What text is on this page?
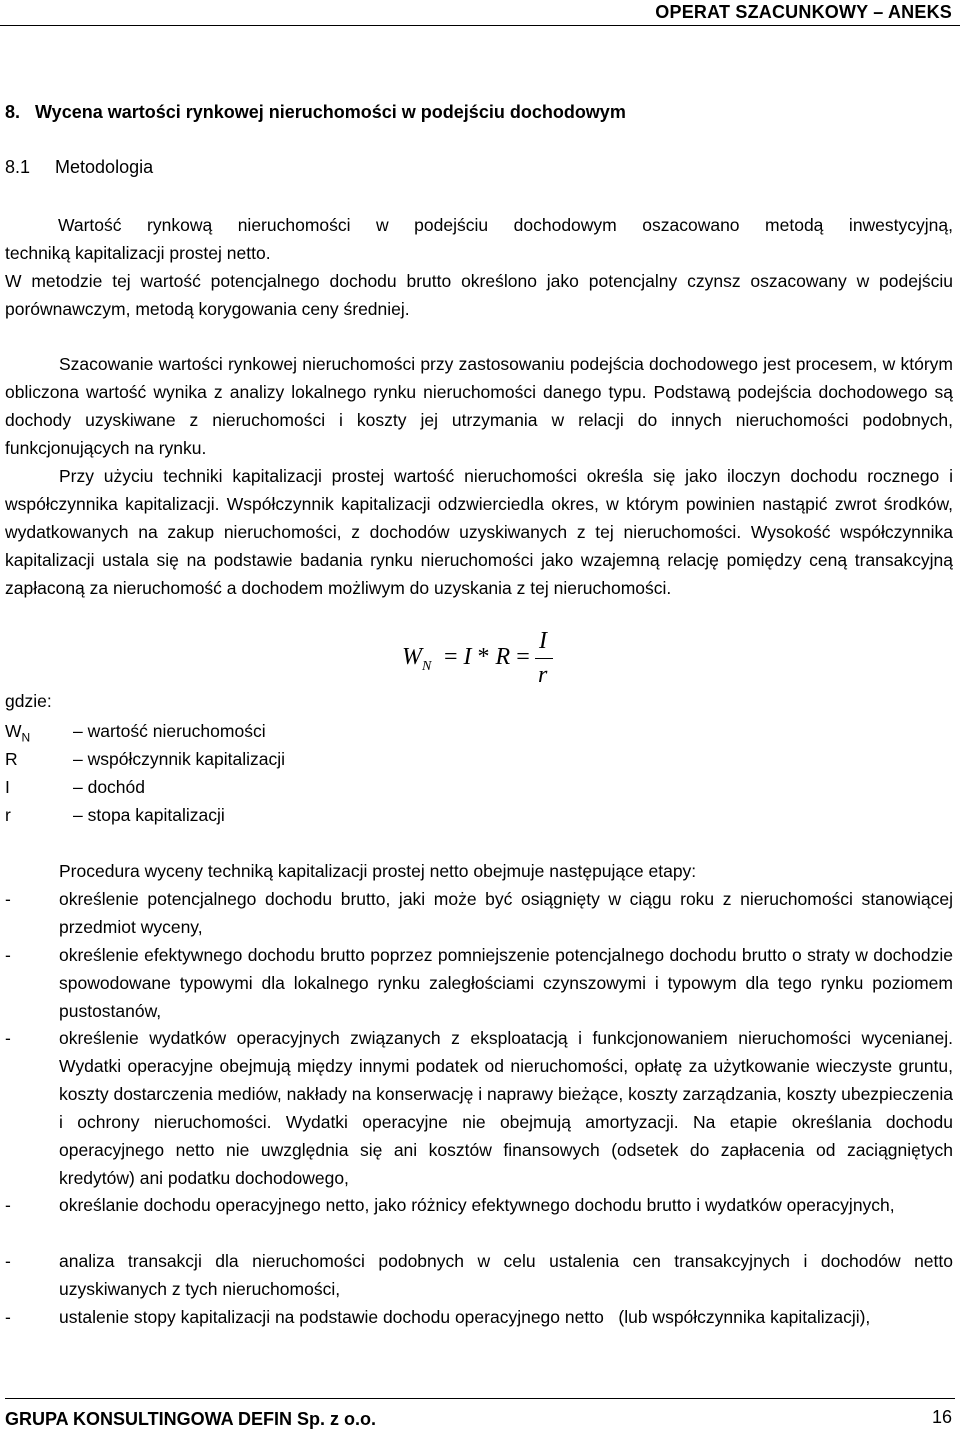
OPERAT SZACUNKOWY – ANEKS
8.   Wycena wartości rynkowej nieruchomości w podejściu dochodowym
8.1     Metodologia
Wartość rynkową nieruchomości w podejściu dochodowym oszacowano metodą inwestycyjną,
techniką kapitalizacji prostej netto.
W metodzie tej wartość potencjalnego dochodu brutto określono jako potencjalny czynsz oszacowany w podejściu porównawczym, metodą korygowania ceny średniej.
Szacowanie wartości rynkowej nieruchomości przy zastosowaniu podejścia dochodowego jest procesem, w którym obliczona wartość wynika z analizy lokalnego rynku nieruchomości danego typu. Podstawą podejścia dochodowego są dochody uzyskiwane z nieruchomości i koszty jej utrzymania w relacji do innych nieruchomości podobnych, funkcjonujących na rynku.
Przy użyciu techniki kapitalizacji prostej wartość nieruchomości określa się jako iloczyn dochodu rocznego i współczynnika kapitalizacji. Współczynnik kapitalizacji odzwierciedla okres, w którym powinien nastąpić zwrot środków, wydatkowanych na zakup nieruchomości, z dochodów uzyskiwanych z tej nieruchomości. Wysokość współczynnika kapitalizacji ustala się na podstawie badania rynku nieruchomości jako wzajemną relację pomiędzy ceną transakcyjną zapłaconą za nieruchomość a dochodem możliwym do uzyskania z tej nieruchomości.
$W_N = I * R$ =
I
r
gdzie:
$W_N$ – wartość nieruchomości
R	– współczynnik kapitalizacji
I	– dochód
r	– stopa kapitalizacji
Procedura wyceny techniką kapitalizacji prostej netto obejmuje następujące etapy:
-	określenie potencjalnego dochodu brutto, jaki może być osiągnięty w ciągu roku z nieruchomości stanowiącej przedmiot wyceny,
-	określenie efektywnego dochodu brutto poprzez pomniejszenie potencjalnego dochodu brutto o straty w dochodzie spowodowane typowymi dla lokalnego rynku zaległościami czynszowymi i typowym dla tego rynku poziomem pustostanów,
-	określenie wydatków operacyjnych związanych z eksploatacją i funkcjonowaniem nieruchomości wycenianej. Wydatki operacyjne obejmują między innymi podatek od nieruchomości, opłatę za użytkowanie wieczyste gruntu, koszty dostarczenia mediów, nakłady na konserwację i naprawy bieżące, koszty zarządzania, koszty ubezpieczenia i ochrony nieruchomości. Wydatki operacyjne nie obejmują amortyzacji. Na etapie określania dochodu operacyjnego netto nie uwzględnia się ani kosztów finansowych (odsetek do zapłacenia od zaciągniętych kredytów) ani podatku dochodowego,
-	określanie dochodu operacyjnego netto, jako różnicy efektywnego dochodu brutto i wydatków operacyjnych,
-	analiza transakcji dla nieruchomości podobnych w celu ustalenia cen transakcyjnych i dochodów netto uzyskiwanych z tych nieruchomości,
-	ustalenie stopy kapitalizacji na podstawie dochodu operacyjnego netto   (lub współczynnika kapitalizacji),
GRUPA KONSULTINGOWA DEFIN Sp. z o.o.	16
